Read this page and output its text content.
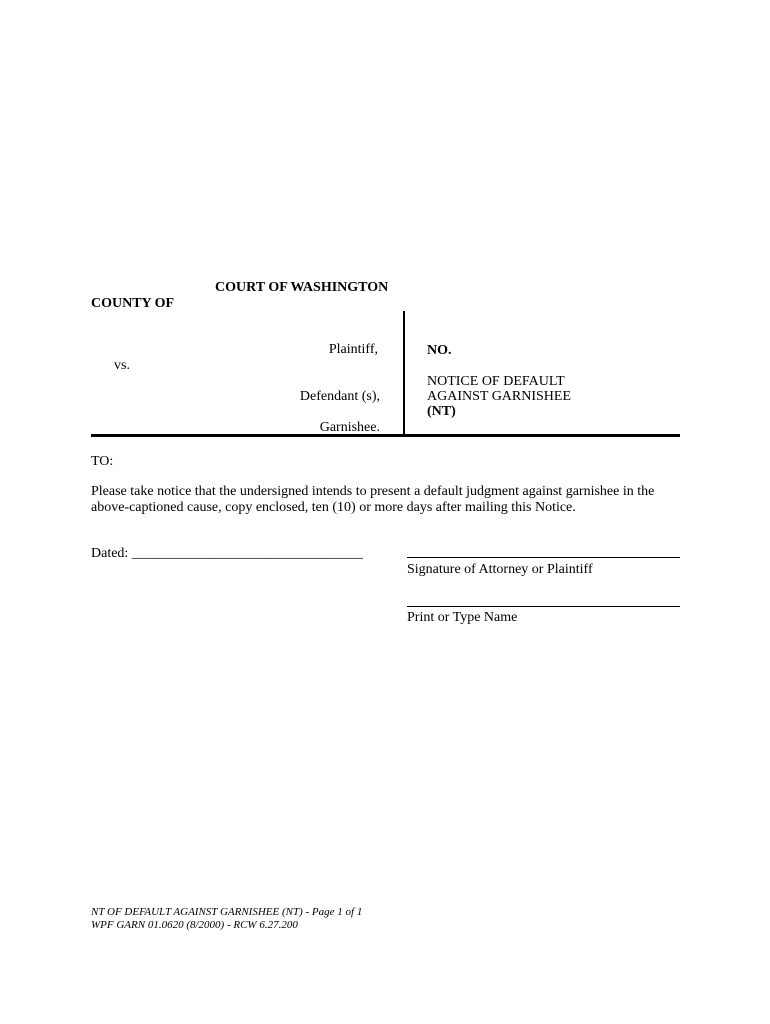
COURT OF WASHINGTON
COUNTY OF
Plaintiff,
vs.
Defendant (s),
Garnishee.
NO.
NOTICE OF DEFAULT
AGAINST GARNISHEE
(NT)
TO:
Please take notice that the undersigned intends to present a default judgment against garnishee in the above-captioned cause, copy enclosed, ten (10) or more days after mailing this Notice.
Dated: _________________________________
Signature of Attorney or Plaintiff
Print or Type Name
NT OF DEFAULT AGAINST GARNISHEE (NT) - Page 1 of 1
WPF GARN 01.0620 (8/2000) - RCW 6.27.200
